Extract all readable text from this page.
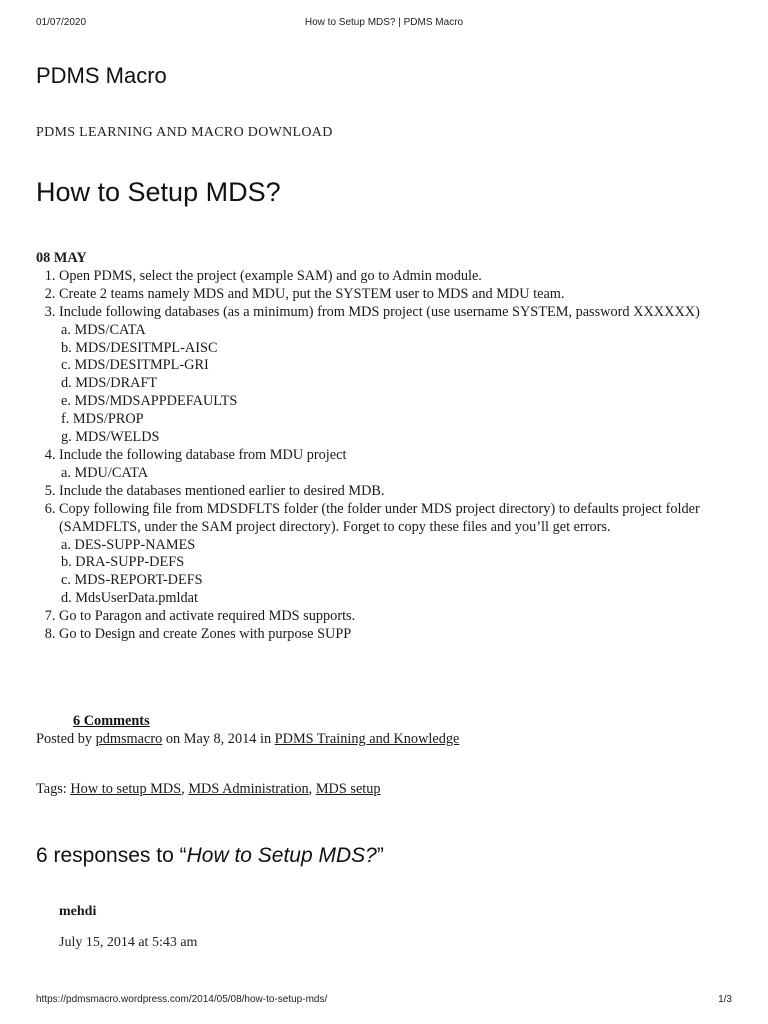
01/07/2020	How to Setup MDS? | PDMS Macro
PDMS Macro

PDMS LEARNING AND MACRO DOWNLOAD

How to Setup MDS?
08 MAY
1. Open PDMS, select the project (example SAM) and go to Admin module.
2. Create 2 teams namely MDS and MDU, put the SYSTEM user to MDS and MDU team.
3. Include following databases (as a minimum) from MDS project (use username SYSTEM, password XXXXXX)
a. MDS/CATA
b. MDS/DESITMPL-AISC
c. MDS/DESITMPL-GRI
d. MDS/DRAFT
e. MDS/MDSAPPDEFAULTS
f. MDS/PROP
g. MDS/WELDS
4. Include the following database from MDU project
a. MDU/CATA
5. Include the databases mentioned earlier to desired MDB.
6. Copy following file from MDSDFLTS folder (the folder under MDS project directory) to defaults project folder (SAMDFLTS, under the SAM project directory). Forget to copy these files and you’ll get errors.
a. DES-SUPP-NAMES
b. DRA-SUPP-DEFS
c. MDS-REPORT-DEFS
d. MdsUserData.pmldat
7. Go to Paragon and activate required MDS supports.
8. Go to Design and create Zones with purpose SUPP
6 Comments
Posted by pdmsmacro on May 8, 2014 in PDMS Training and Knowledge
Tags: How to setup MDS, MDS Administration, MDS setup
6 responses to “How to Setup MDS?”
mehdi
July 15, 2014 at 5:43 am
https://pdmsmacro.wordpress.com/2014/05/08/how-to-setup-mds/	1/3
